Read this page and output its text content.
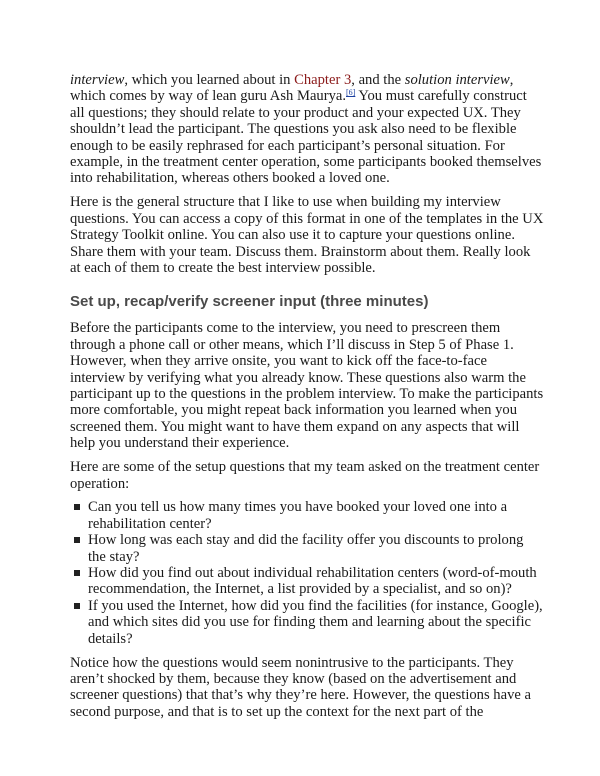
interview, which you learned about in Chapter 3, and the solution interview,
which comes by way of lean guru Ash Maurya.[6] You must carefully construct
all questions; they should relate to your product and your expected UX. They
shouldn’t lead the participant. The questions you ask also need to be flexible
enough to be easily rephrased for each participant’s personal situation. For
example, in the treatment center operation, some participants booked themselves
into rehabilitation, whereas others booked a loved one.

Here is the general structure that I like to use when building my interview
questions. You can access a copy of this format in one of the templates in the UX
Strategy Toolkit online. You can also use it to capture your questions online.
Share them with your team. Discuss them. Brainstorm about them. Really look
at each of them to create the best interview possible.

Set up, recap/verify screener input (three minutes)

Before the participants come to the interview, you need to prescreen them
through a phone call or other means, which I’ll discuss in Step 5 of Phase 1.
However, when they arrive onsite, you want to kick off the face-to-face
interview by verifying what you already know. These questions also warm the
participant up to the questions in the problem interview. To make the participants
more comfortable, you might repeat back information you learned when you
screened them. You might want to have them expand on any aspects that will
help you understand their experience.

Here are some of the setup questions that my team asked on the treatment center
operation:

Can you tell us how many times you have booked your loved one into a
rehabilitation center?
How long was each stay and did the facility offer you discounts to prolong
the stay?
How did you find out about individual rehabilitation centers (word-of-mouth
recommendation, the Internet, a list provided by a specialist, and so on)?
If you used the Internet, how did you find the facilities (for instance, Google),
and which sites did you use for finding them and learning about the specific
details?

Notice how the questions would seem nonintrusive to the participants. They
aren’t shocked by them, because they know (based on the advertisement and
screener questions) that that’s why they’re here. However, the questions have a
second purpose, and that is to set up the context for the next part of the
